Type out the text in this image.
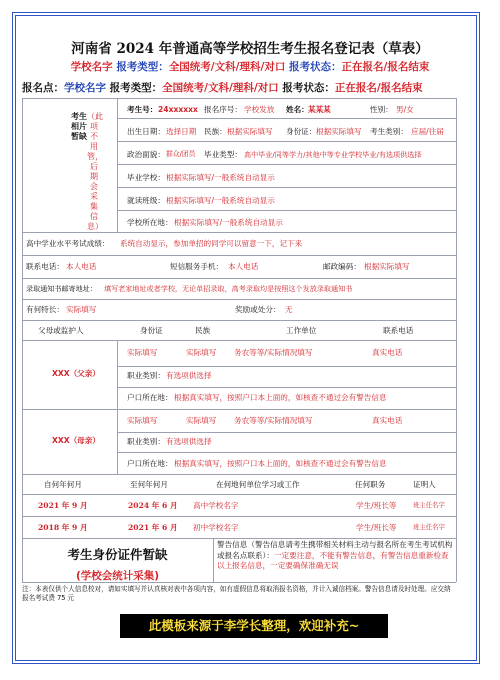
河南省 2024 年普通高等学校招生考生报名登记表（草表）
学校名字 报考类型：全国统考/文科/理科/对口 报考状态：正在报名/报名结束
报名点：学校名字 报考类型：全国统考/文科/理科/对口 报考状态：正在报名/报名结束
考生相片暂缺
（此项不用管，后期会采集信息）
考生号： 24xxxxxx 报名序号： 学校发放 姓名： 某某某	性别： 男/女
出生日期： 选择日期 民族： 根据实际填写 身份证： 根据实际填写 考生类别： 应届/往届
政治面貌： 群众/团员 毕业类型： 高中毕业/同等学力/其他中等专业学校毕业/有选项供选择
毕业学校： 根据实际填写/一般系统自动显示
就读班级： 根据实际填写/一般系统自动显示
学校所在地： 根据实际填写/一般系统自动显示
高中学业水平考试成绩： 系统自动显示，参加单招的同学可以留意一下，记下来
联系电话： 本人电话	短信服务手机： 本人电话	邮政编码： 根据实际填写
录取通知书邮寄地址： 填写老家地址或者学校，无论单招录取，高考录取均是按照这个发放录取通知书
有何特长： 实际填写	奖励或处分： 无
父母或监护人	身份证	民族	工作单位	联系电话
XXX（父亲）
实际填写	实际填写 务农等等/实际情况填写	真实电话
职业类别： 有选项供选择
户口所在地： 根据真实填写，按照户口本上面的，如核查不通过会有警告信息
XXX（母亲）
实际填写	实际填写 务农等等/实际情况填写	真实电话
职业类别： 有选项供选择
户口所在地： 根据真实填写，按照户口本上面的，如核查不通过会有警告信息
自何年何月	至何年何月	在何地何单位学习或工作	任何职务	证明人
2021 年 9 月	2024 年 6 月 高中学校名字	学生/班长等	班主任名字
2018 年 9 月	2021 年 6 月 初中学校名字	学生/班长等	班主任名字
考生身份证件暂缺
(学校会统计采集)
警告信息（警告信息请考生携带相关材料主动与报名所在考生考试机构或报名点联系）：一定要注意，不能有警告信息，有警告信息重新检查以上报名信息，一定要确保准确无误
注：本表仅供个人信息校对，请如实填写并认真核对表中各项内容，如有虚假信息将取消报名资格，并计入诚信档案。警告信息请及时处理。应交纳报名考试费 75 元
此模板来源于李学长整理，欢迎补充~
